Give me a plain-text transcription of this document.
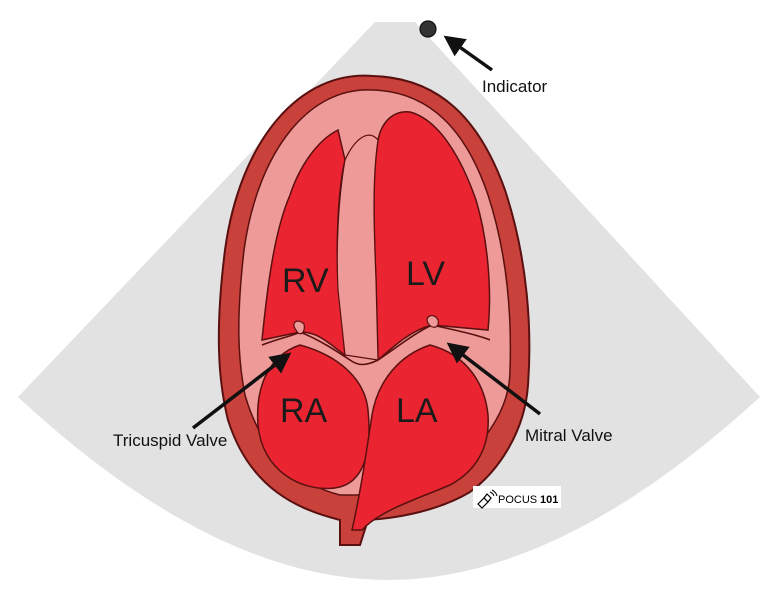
RV LV
RA LA
Indicator
Tricuspid Valve	Mitral Valve
POCUS 101
